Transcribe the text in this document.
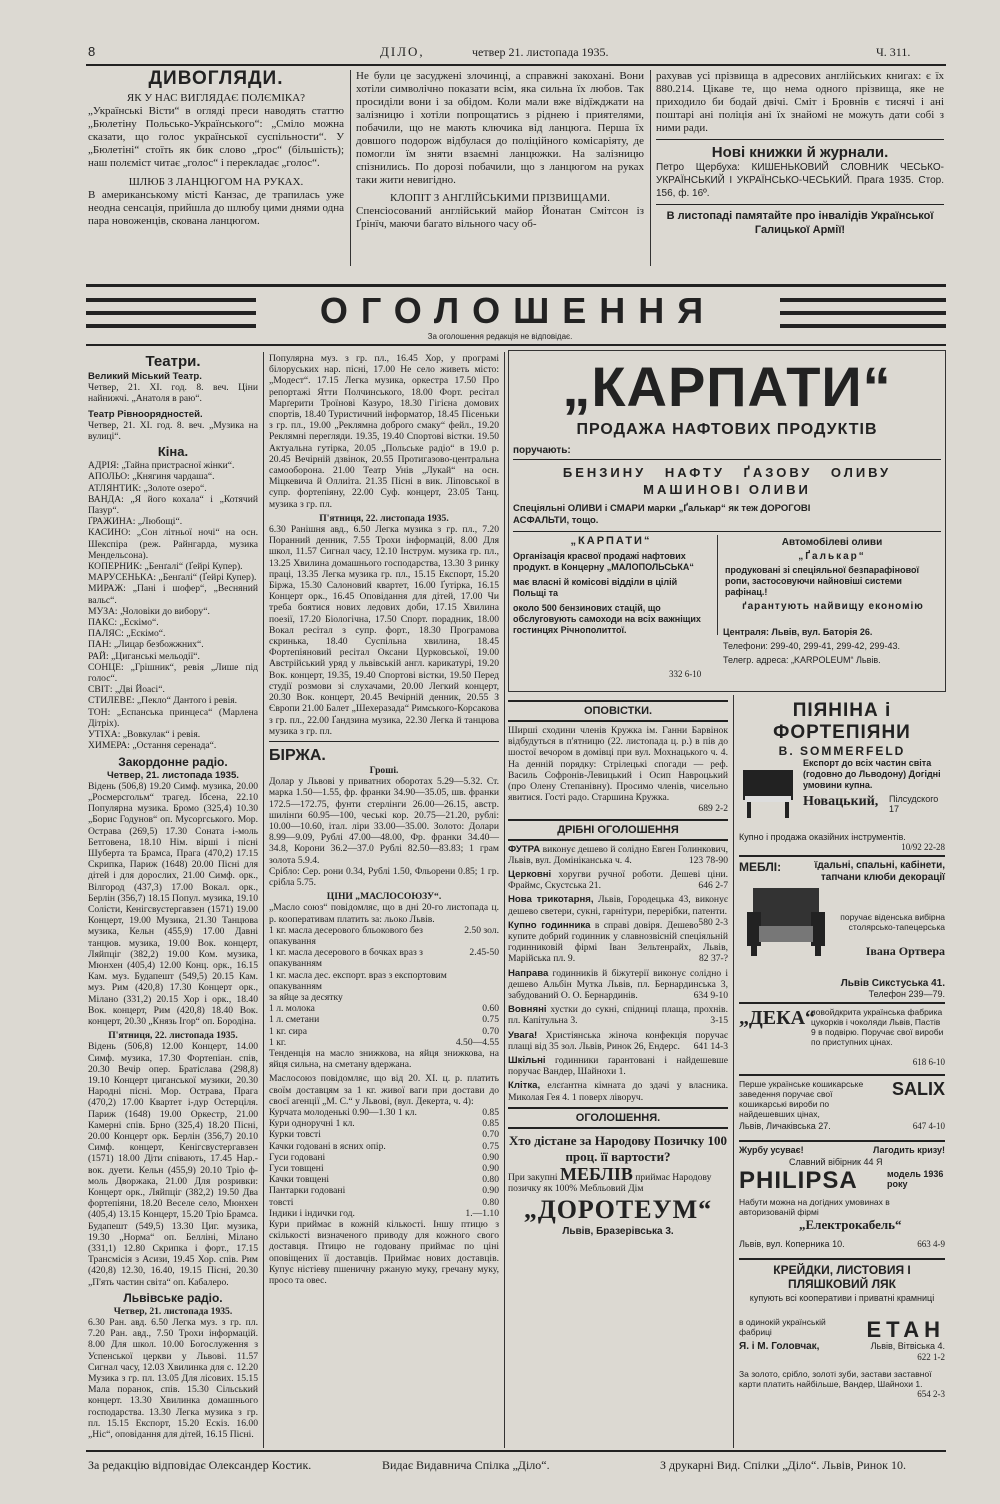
8	ДІЛО,	четвер 21. листопада 1935.	Ч. 311.
ДИВОГЛЯДИ.
ЯК У НАС ВИГЛЯДАЄ ПОЛЄМІКА?

„Українські Вісти“ в огляді преси наводять статтю „Бюлетіну Польсько-Українського“: „Сміло можна сказати, що голос української суспільности“. У „Бюлетіні“ стоїть як бик слово „ґрос“ (більшість); наш полєміст читає „голос“ і перекладає „голос“.

ШЛЮБ З ЛАНЦЮГОМ НА РУКАХ.

В американському місті Канзас, де трапилась уже неодна сенсація, прийшла до шлюбу цими днями одна пара новоженців, скована ланцюгом.

Не були це засуджені злочинці, а справжні закохані. Вони хотіли символічно показати всім, яка сильна їх любов. Так просиділи вони і за обідом. Коли мали вже відїжджати на залізницю і хотіли попрощатись з ріднею і приятелями, побачили, що не мають ключика від ланцюга. Перша їх довшого подорож відбулася до поліційного комісаріяту, де помогли їм зняти взаємні ланцюжки. На залізницю спізнились. По дорозі побачили, що з ланцюгом на руках таки жити невигідно.

КЛОПІТ З АНГЛІЙСЬКИМИ ПРІЗВИЩАМИ.

Спенсіосований англійський майор Йонатан Смітсон із Ґрінїч, маючи багато вільного часу об-

рахував усі прізвища в адресових англійських книгах: є їх 880.214. Цікаве те, що нема одного прізвища, яке не приходило би бодай двічі. Сміт і Бровнів є тисячі і ані поштарі ані поліція ані їх знайомі не можуть дати собі з ними ради.

Нові книжки й журнали.

Петро Щербуха: КИШЕНЬКОВИЙ СЛОВНИК ЧЕСЬКО-УКРАЇНСЬКИЙ І УКРАЇНСЬКО-ЧЕСЬКИЙ. Прага 1935. Стор. 156, ф. 16º.

В листопаді памятайте про інвалідів Української Галицької Армії!

ОГОЛОШЕННЯ
За оголошення редакція не відповідає.
Театри.
Великий Міський Театр.

Четвер, 21. XI. год. 8. веч. Ціни найнижчі. „Анатоля в раю“.

Театр Рівноорядностей.

Четвер, 21. XI. год. 8. веч. „Музика на вулиці“.

Кіна.

АДРІЯ: „Тайна пристрасної жінки“.

АПОЛЬО: „Княгиня чардаша“.

АТЛЯНТИК: „Золоте озеро“.

ВАНДА: „Я його кохала“ і „Котячий Пазур“.

ҐРАЖИНА: „Любощі“.

КАСИНО: „Сон літньої ночі“ на осн. Шекспіра (реж. Райнгарда, музика Мендельсона).

КОПЕРНИК: „Бенґалі“ (Ґейрі Купер).

МАРУСЕНЬКА: „Бенґалі“ (Ґейрі Купер).

МИРАЖ: „Пані і шофер“, „Весняний вальс“.

МУЗА: „Чоловіки до вибору“.

ПАКС: „Ескімо“.

ПАЛЯС: „Ескімо“.

ПАН: „Лицар безбожжних“.

РАЙ: „Циганські мельодії“.

СОНЦЕ: „Грішник“, ревія „Лише під голос“.

СВІТ: „Дві Йоасі“.

СТИЛЕВЕ: „Пекло“ Дантого і ревія.

ТОН: „Еспанська принцеса“ (Марлена Дітріх).

УТІХА: „Вовкулак“ і ревія.

ХИМЕРА: „Остання серенада“.

Закордонне радіо.
Четвер, 21. листопада 1935.

Відень (506,8) 19.20 Симф. музика, 20.00 „Росмерсгольм“ трагед. Ібсена, 22.10 Популярна музика. Бромо (325,4) 10.30 „Борис Годунов“ оп. Мусоргського. Мор. Острава (269,5) 17.30 Соната і-моль Бетговена, 18.10 Нім. вірші і пісні Шуберта та Брамса, Прага (470,2) 17.15 Скрипка, Париж (1648) 20.00 Пісні для дітей і для дорослих, 21.00 Симф. орк., Вілгород (437,3) 17.00 Вокал. орк., Берлін (356,7) 18.15 Попул. музика, 19.10 Солісти, Кенігсвустергавзен (1571) 19.00 Концерт, 19.00 Музика, 21.30 Танцюва музика, Кельн (455,9) 17.00 Давні танцюв. музика, 19.00 Вок. концерт, Ляйпціг (382,2) 19.00 Ком. музика, Мюнхен (405,4) 12.00 Конц. орк., 16.15 Кам. муз. Будапешт (549,5) 20.15 Кам. муз. Рим (420,8) 17.30 Концерт орк., Мілано (331,2) 20.15 Хор і орк., 18.40 Вок. концерт, Рим (420,8) 18.40 Вок. концерт, 20.30 „Князь Ігор“ оп. Бородіна.

П'ятниця, 22. листопада 1935.

Відень (506,8) 12.00 Концерт, 14.00 Симф. музика, 17.30 Фортепіан. спів, 20.30 Вечір опер. Братіслава (298,8) 19.10 Концерт циганської музики, 20.30 Народні пісні. Мор. Острава, Прага (470,2) 17.00 Квартет і-дур Остерціля. Париж (1648) 19.00 Оркестр, 21.00 Камерні спів. Брно (325,4) 18.20 Пісні, 20.00 Концерт орк. Берлін (356,7) 20.10 Симф. концерт, Кенігсвустергавзен (1571) 18.00 Діти співають, 17.45 Нар.-вок. дуети. Кельн (455,9) 20.10 Тріо ф-моль Дворжака, 21.00 Для розривки: Концерт орк., Ляйпціг (382,2) 19.50 Два фортепіяни, 18.20 Веселе село, Мюнхен (405,4) 13.15 Концерт, 15.20 Тріо Брамса. Будапешт (549,5) 13.30 Циг. музика, 19.30 „Норма“ оп. Белліні, Мілано (331,1) 12.80 Скрипка і форт., 17.15 Трансмісія з Асизи, 19.45 Хор. спів. Рим (420,8) 12.30, 16.40, 19.15 Пісні, 20.30 „П'ять частин світа“ оп. Кабалеро.

Львівське радіо.
Четвер, 21. листопада 1935.

6.30 Ран. авд. 6.50 Легка муз. з гр. пл. 7.20 Ран. авд., 7.50 Трохи інформацій. 8.00 Для школ. 10.00 Богослуження з Успенської церкви у Львові. 11.57 Сигнал часу, 12.03 Хвилинка для с. 12.20 Музика з гр. пл. 13.05 Для лісових. 15.15 Мала поранок, спів. 15.30 Сільський концерт. 13.30 Хвилинка домашнього господарства. 13.30 Легка музика з гр. пл. 15.15 Експорт, 15.20 Ескіз. 16.00 „Ніс“, оповідання для дітей, 16.15 Пісні.

Популярна муз. з гр. пл., 16.45 Хор, у програмі білоруських нар. пісні, 17.00 Не село живеть місто: „Модест“. 17.15 Легка музика, оркестра 17.50 Про репортажі Ятти Полчинського, 18.00 Форт. ресітал Марґерити Троїнові Казуро, 18.30 Гігієна домових спортів, 18.40 Туристичний інформатор, 18.45 Пісеньки з гр. пл., 19.00 „Реклямна доброго смаку“ фейл., 19.20 Реклямні перегляди. 19.35, 19.40 Спортові вістки. 19.50 Актуальна гутірка, 20.05 „Польське радіо“ в 19.0 р. 20.45 Вечірній дзвінок, 20.55 Протигазово-центральна самооборона. 21.00 Театр Унів „Лукай“ на осн. Міцкевича й Оллиіта. 21.35 Пісні в вик. Ліповської в супр. фортепіяну, 22.00 Суф. концерт, 23.05 Танц. музика з гр. пл.

П'ятниця, 22. листопада 1935.

6.30 Ранішня авд., 6.50 Легка музика з гр. пл., 7.20 Поранний денник, 7.55 Трохи інформацій, 8.00 Для школ, 11.57 Сигнал часу, 12.10 Інструм. музика гр. пл., 13.25 Хвилина домашнього господарства, 13.30 З ринку праці, 13.35 Легка музика гр. пл., 15.15 Експорт, 15.20 Біржа, 15.30 Салоновий квартет, 16.00 Ґутірка, 16.15 Концерт орк., 16.45 Оповідання для дітей, 17.00 Чи треба боятися нових ледових доби, 17.15 Хвилина поезії, 17.20 Біологічна, 17.50 Спорт. порадник, 18.00 Вокал ресітал з супр. форт., 18.30 Програмова скринька, 18.40 Суспільна хвилина, 18.45 Фортепіяновий ресітал Оксани Цурковської, 19.00 Австрійський уряд у львівській англ. карикатурі, 19.20 Вок. концерт, 19.35, 19.40 Спортові вістки, 19.50 Перед студії розмови зі слухачами, 20.00 Легкий концерт, 20.30 Вок. концерт, 20.45 Вечірній денник, 20.55 З Європи 21.00 Балет „Шехеразада“ Римського-Корсакова з гр. пл., 22.00 Ґандзина музика, 22.30 Легка й танцюва музика з гр. пл.

БІРЖА.
Гроші.

Долар у Львові у приватних оборотах 5.29—5.32. Ст. марка 1.50—1.55, фр. франки 34.90—35.05, шв. франки 172.5—172.75, фунти стерлінги 26.00—26.15, австр. шилінґи 60.95—100, чеські кор. 20.75—21.20, рублі: 10.00—10.60, італ. ліри 33.00—35.00. Золото: Долари 8.99—9.09, Рублі 47.00—48.00, Фр. франки 34.40—34.8, Корони 36.2—37.0 Рублі 82.50—83.83; 1 грам золота 5.9.4.

Срібло: Сер. рони 0.34, Рублі 1.50, Фльорени 0.85; 1 гр. срібла 5.75.

ЦІНИ „МАСЛОСОЮЗУ“.

„Масло союз“ повідомляє, що в дні 20-го листопада ц. р. кооперативам платить за: льоко Львів.

1 кг. масла десерового бльокового без опакування
2.50 зол.
1 кг. масла десерового в бочках враз з опакуванням
2.45-50
1 кг. масла дес. експорт. враз з експортовим опакуванням
за яйце за десятку
1 л. молока	0.60
1 л. сметани	0.75
1 кг. сира	0.70
1 кг.	4.50—4.55

Тенденція на масло знижкова, на яйця знижкова, на яйця сильна, на сметану вдержана.

Маслосоюз повідомляє, що від 20. XI. ц. р. платить своїм доставцям за 1 кг. живої ваги при достави до своєї агенції „М. С.“ у Львові, (вул. Декерта, ч. 4):

Курчата молоденькі 0.90—1.30 1 кл.	0.85
Кури одноручні 1 кл.	0.85
Курки товсті	0.70
Качки годовані в ясних опір.	0.75
Гуси годовані	0.90
Гуси товщені	0.90
Качки товщені	0.80
Пантарки годовані	0.90
товсті	0.80
Індики і індички год.	1.—1.10

Кури приймає в кожній кількості. Іншу птицю з скількості визначеного приводу для кожного свого доставця. Птицю не годовану приймає по ціні оповіщених її доставців. Приймає нових доставців. Купує ністіеву пшеничну ржаную муку, гречану муку, просо та овес.

„КАРПАТИ“
ПРОДАЖА НАФТОВИХ ПРОДУКТІВ
поручають:
БЕНЗИНУ НАФТУ ҐАЗОВУ ОЛИВУ
МАШИНОВІ ОЛИВИ
Спеціяльні ОЛИВИ і СМАРИ марки „Ґалькар“ як теж ДОРОГОВІ АСФАЛЬТИ, тощо.
„КАРПАТИ“

Організація красвої продажі нафтових продукт. в Концерну „МАЛОПОЛЬСЬКА“

має власні й комісові відділи в цілій Польщі та

около 500 бензинових стацій, що обслуговують самоходи на всіх важніщих гостинцях Річнополиттої.

332 6-10
Автомобілеві оливи
„Ґалькар“

продуковані зі спеціяльної безпарафінової ропи, застосовуючи найновіші системи рафінац.!

ґарантують найвищу економію

Централя: Львів, вул. Баторія 26.
Телефони: 299-40, 299-41, 299-42, 299-43.
Телегр. адреса: „KARPOLEUM“ Львів.
ОПОВІСТКИ.

Ширші сходини членів Кружка ім. Ганни Барвінок відбудуться в п'ятницю (22. листопада ц. р.) в пів до шостої вечором в домівці при вул. Мохнацького ч. 4. На денній порядку: Стрілецькі спогади — реф. Василь Софронів-Левицький і Осип Навроцький (про Олену Степанівну). Просимо членів, чисельно явитися. Гості радо. Старшина Кружка.

689 2-2
ДРІБНІ ОГОЛОШЕННЯ
ФУТРА виконує дешево й солідно Евген Голинкович, Львів, вул. Домініканська ч. 4.	123 78-90
Церковні хоругви ручної роботи. Дешеві ціни. Фраймс, Скустська 21.	646 2-7
Нова трикотарня, Львів, Городецька 43, виконує дешево светери, сукні, гарнітури, перерібки, патенти.
580 2-3
Купно годинника в справі довіря. Дешево купите добрий годинник у славнозвісній спеціяльній годинниковій фірмі Іван Зельтенрайх, Львів, Марійська пл. 9.	82 37-?
Направа годинників й біжутерії виконує солідно і дешево Альбін Мутка Львів, пл. Бернардинська 3, забудований О. О. Бернардинів.	634 9-10
Вовняні хустки до сукні, спідниці плаща, прохнів. пл. Капітульна 3.	3-15
Увага! Христіянська жіноча конфекція поручає плащі від 35 зол. Львів, Ринок 26, Ендерс. 641 14-3
Шкільні годинники ґарантовані і найдешевше поручає Вандер, Шайнохи 1.
Клітка, елєґантна кімната до здачі у власника. Миколая Гея 4. 1 поверх ліворуч.
ОГОЛОШЕННЯ.
Хто дістане за Народову Позичку 100 проц. її вартости?
При закупні МЕБЛІВ приймає Народову позичку як 100% Мебльовий Дім
„ДОРОТЕУМ“
Львів, Бразерівська 3.
ПІЯНІНА і ФОРТЕПІЯНИ
B. SOMMERFELD

Експорт до всіх частин світа (годовно до Льводону) Догідні умовини купна.

Новацький, Пілсудского 17
Купно і продажа оказійних інструментів.
10/92 22-28
МЕБЛІ:	їдальні, спальні, кабінети, тапчани клюби декорації

поручає віденська вибірна столярсько-тапецерська

Івана Ортвера
Львів Сикстуська 41.
Телефон 239—79.
„ДЕКА“

новойдкрита українська фабрика цукорків і чоколяди Львів, Пастів 9 в подвірю. Поручає свої вироби по приступних цінах.

618 6-10

Перше українське кошикарське заведення поручає свої кошикарські вироби по найдешевших цінах,

SALIX
Львів, Личаківська 27.	647 4-10
Журбу усуває!	Лагодить кризу!
Славний вібірник 44 Я
PHILIPSA	модель 1936 року

Набути можна на догідних умовинах в авторизованій фірмі

„Електрокабель“
Львів, вул. Коперника 10.	663 4-9
КРЕЙДКИ, ЛИСТОВИЯ І ПЛЯШКОВИЙ ЛЯК

купують всі кооперативи і приватні крамниці

в одинокій українській фабриці	ЕТАН
Я. і М. Головчак,	Львів, Вітвіська 4.
622 1-2

За золото, срібло, золоті зуби, застави заставної карти платить найбільше, Вандер, Шайнохи 1.

654 2-3
За редакцію відповідає Олександер Костик.	Видає Видавнича Спілка „Діло“.	З друкарні Вид. Спілки „Діло“. Львів, Ринок 10.
